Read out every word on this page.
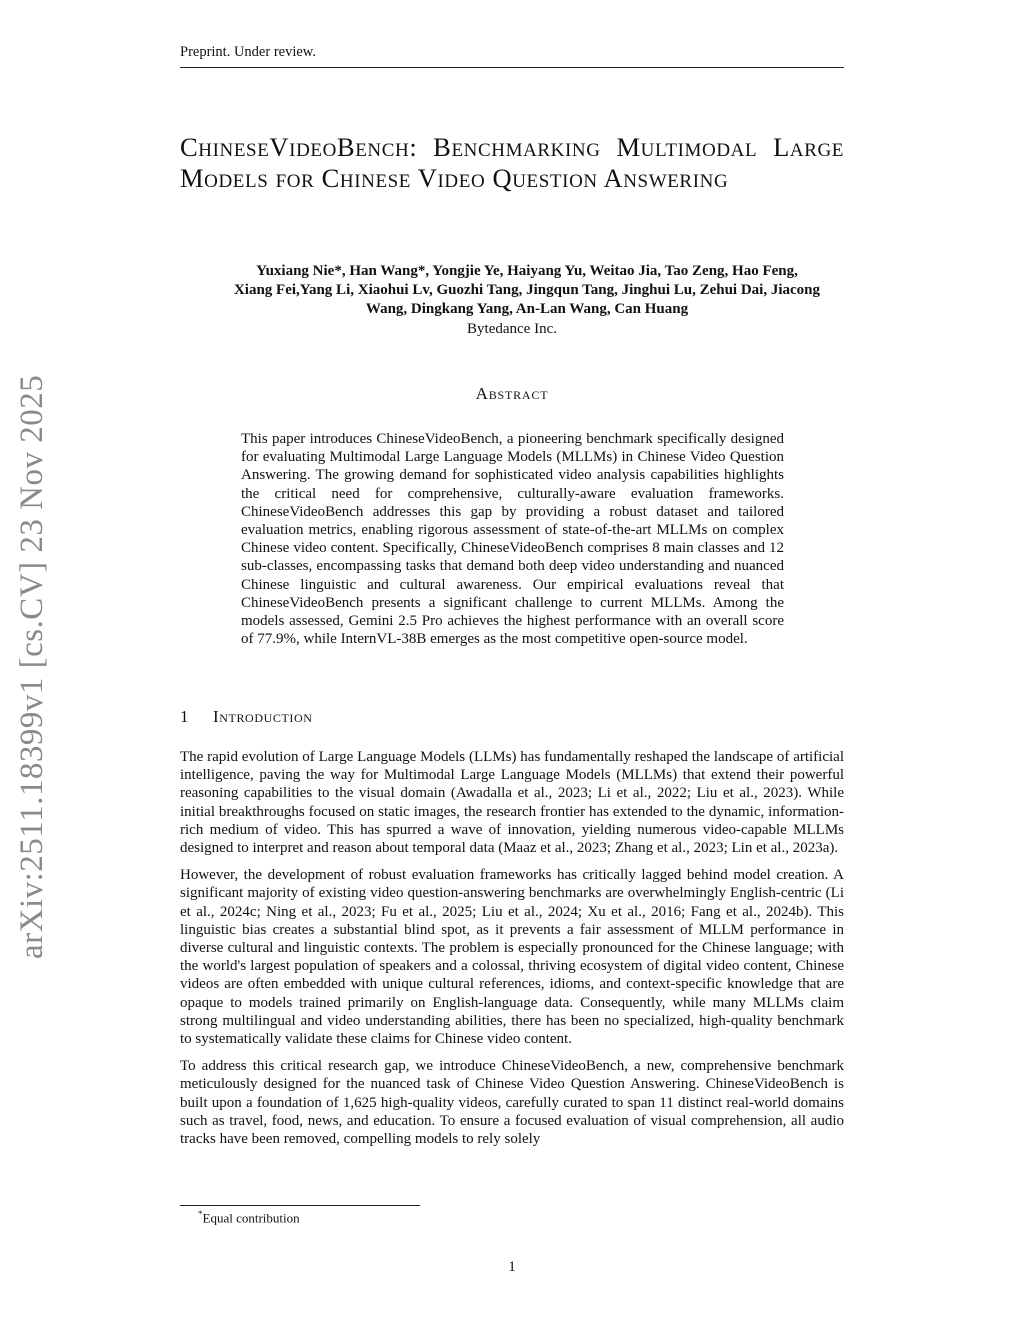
Preprint. Under review.
arXiv:2511.18399v1 [cs.CV] 23 Nov 2025
ChineseVideoBench: Benchmarking Multimodal Large Models for Chinese Video Question Answering
Yuxiang Nie*, Han Wang*, Yongjie Ye, Haiyang Yu, Weitao Jia, Tao Zeng, Hao Feng,
Xiang Fei,Yang Li, Xiaohui Lv, Guozhi Tang, Jingqun Tang, Jinghui Lu, Zehui Dai, Jiacong
Wang, Dingkang Yang, An-Lan Wang, Can Huang
Bytedance Inc.
Abstract
This paper introduces ChineseVideoBench, a pioneering benchmark specifically designed for evaluating Multimodal Large Language Models (MLLMs) in Chinese Video Question Answering. The growing demand for sophisticated video analysis capabilities highlights the critical need for comprehensive, culturally-aware evaluation frameworks. ChineseVideoBench addresses this gap by providing a robust dataset and tailored evaluation metrics, enabling rigorous assessment of state-of-the-art MLLMs on complex Chinese video content. Specifically, ChineseVideoBench comprises 8 main classes and 12 sub-classes, encompassing tasks that demand both deep video understanding and nuanced Chinese linguistic and cultural awareness. Our empirical evaluations reveal that ChineseVideoBench presents a significant challenge to current MLLMs. Among the models assessed, Gemini 2.5 Pro achieves the highest performance with an overall score of 77.9%, while InternVL-38B emerges as the most competitive open-source model.
1 Introduction

The rapid evolution of Large Language Models (LLMs) has fundamentally reshaped the landscape of artificial intelligence, paving the way for Multimodal Large Language Models (MLLMs) that extend their powerful reasoning capabilities to the visual domain (Awadalla et al., 2023; Li et al., 2022; Liu et al., 2023). While initial breakthroughs focused on static images, the research frontier has extended to the dynamic, information-rich medium of video. This has spurred a wave of innovation, yielding numerous video-capable MLLMs designed to interpret and reason about temporal data (Maaz et al., 2023; Zhang et al., 2023; Lin et al., 2023a).

However, the development of robust evaluation frameworks has critically lagged behind model creation. A significant majority of existing video question-answering benchmarks are overwhelmingly English-centric (Li et al., 2024c; Ning et al., 2023; Fu et al., 2025; Liu et al., 2024; Xu et al., 2016; Fang et al., 2024b). This linguistic bias creates a substantial blind spot, as it prevents a fair assessment of MLLM performance in diverse cultural and linguistic contexts. The problem is especially pronounced for the Chinese language; with the world's largest population of speakers and a colossal, thriving ecosystem of digital video content, Chinese videos are often embedded with unique cultural references, idioms, and context-specific knowledge that are opaque to models trained primarily on English-language data. Consequently, while many MLLMs claim strong multilingual and video understanding abilities, there has been no specialized, high-quality benchmark to systematically validate these claims for Chinese video content.

To address this critical research gap, we introduce ChineseVideoBench, a new, comprehensive benchmark meticulously designed for the nuanced task of Chinese Video Question Answering. ChineseVideoBench is built upon a foundation of 1,625 high-quality videos, carefully curated to span 11 distinct real-world domains such as travel, food, news, and education. To ensure a focused evaluation of visual comprehension, all audio tracks have been removed, compelling models to rely solely

*Equal contribution
1
